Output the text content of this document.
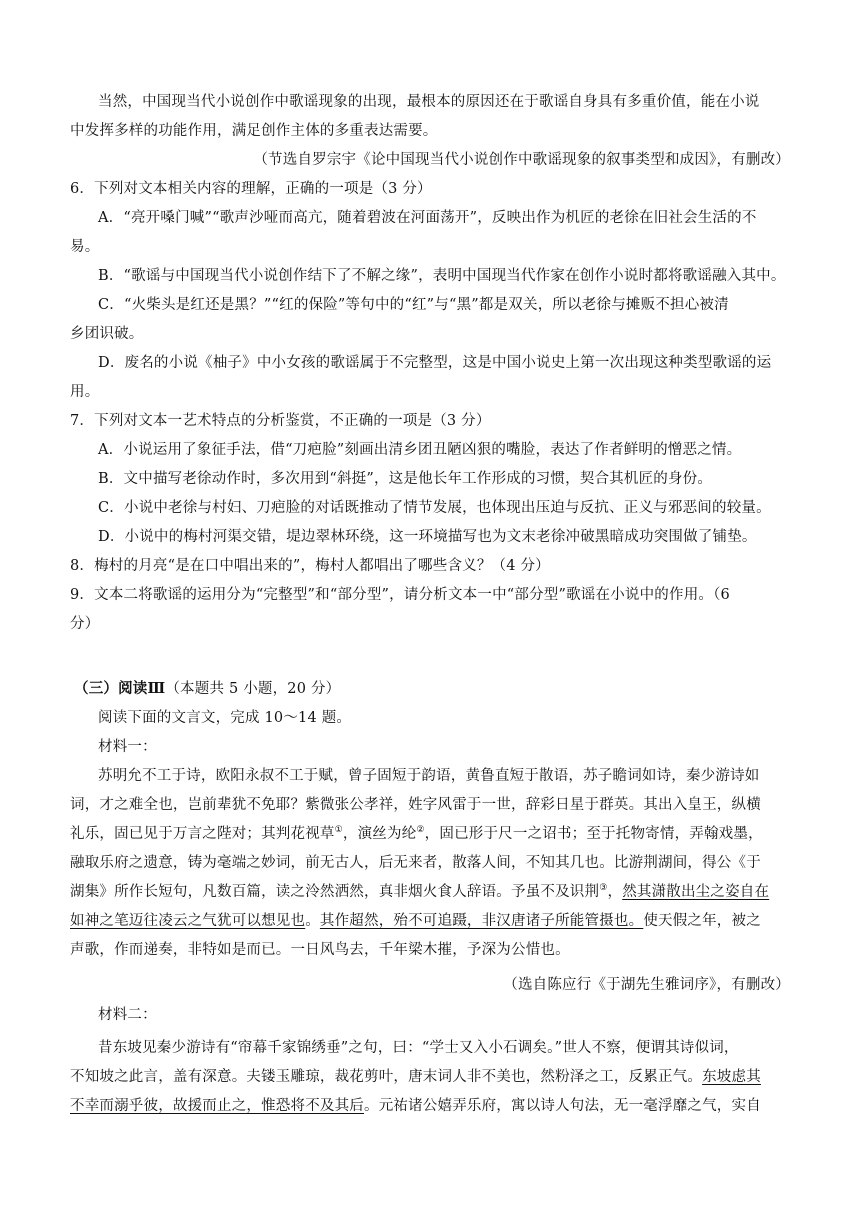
当然，中国现当代小说创作中歌谣现象的出现，最根本的原因还在于歌谣自身具有多重价值，能在小说
中发挥多样的功能作用，满足创作主体的多重表达需要。
（节选自罗宗宇《论中国现当代小说创作中歌谣现象的叙事类型和成因》，有删改）
6．下列对文本相关内容的理解，正确的一项是（3 分）
A．“亮开嗓门喊”“歌声沙哑而高亢，随着碧波在河面荡开”，反映出作为机匠的老徐在旧社会生活的不
易。
B．“歌谣与中国现当代小说创作结下了不解之缘”，表明中国现当代作家在创作小说时都将歌谣融入其中。
C．“火柴头是红还是黑？”“红的保险”等句中的“红”与“黑”都是双关，所以老徐与摊贩不担心被清
乡团识破。
D．废名的小说《柚子》中小女孩的歌谣属于不完整型，这是中国小说史上第一次出现这种类型歌谣的运
用。
7．下列对文本一艺术特点的分析鉴赏，不正确的一项是（3 分）
A．小说运用了象征手法，借“刀疤脸”刻画出清乡团丑陋凶狠的嘴脸，表达了作者鲜明的憎恶之情。
B．文中描写老徐动作时，多次用到“斜挺”，这是他长年工作形成的习惯，契合其机匠的身份。
C．小说中老徐与村妇、刀疤脸的对话既推动了情节发展，也体现出压迫与反抗、正义与邪恶间的较量。
D．小说中的梅村河渠交错，堤边翠林环绕，这一环境描写也为文末老徐冲破黑暗成功突围做了铺垫。
8．梅村的月亮“是在口中唱出来的”，梅村人都唱出了哪些含义？（4 分）
9．文本二将歌谣的运用分为“完整型”和“部分型”，请分析文本一中“部分型”歌谣在小说中的作用。（6
分）
（三）阅读Ⅲ（本题共 5 小题，20 分）
阅读下面的文言文，完成 10～14 题。
材料一：
苏明允不工于诗，欧阳永叔不工于赋，曾子固短于韵语，黄鲁直短于散语，苏子瞻词如诗，秦少游诗如
词，才之难全也，岂前辈犹不免耶？紫微张公孝祥，姓字风雷于一世，辞彩日星于群英。其出入皇王，纵横
礼乐，固已见于万言之陛对；其判花视草①，演丝为纶②，固已形于尺一之诏书；至于托物寄情，弄翰戏墨，
融取乐府之遗意，铸为毫端之妙词，前无古人，后无来者，散落人间，不知其几也。比游荆湖间，得公《于
湖集》所作长短句，凡数百篇，读之泠然洒然，真非烟火食人辞语。予虽不及识荆③，然其潇散出尘之姿自在
如神之笔迈往凌云之气犹可以想见也。其作超然，殆不可追蹑，非汉唐诸子所能管摄也。使天假之年，被之
声歌，作而递奏，非特如是而已。一日风鸟去，千年梁木摧，予深为公惜也。
（选自陈应行《于湖先生雅词序》，有删改）
材料二：
昔东坡见秦少游诗有“帘幕千家锦绣垂”之句，曰：“学士又入小石调矣。”世人不察，便谓其诗似词，
不知坡之此言，盖有深意。夫镂玉雕琼，裁花剪叶，唐末词人非不美也，然粉泽之工，反累正气。东坡虑其
不幸而溺乎彼，故援而止之，惟恐将不及其后。元祐诸公嬉弄乐府，寓以诗人句法，无一毫浮靡之气，实自
